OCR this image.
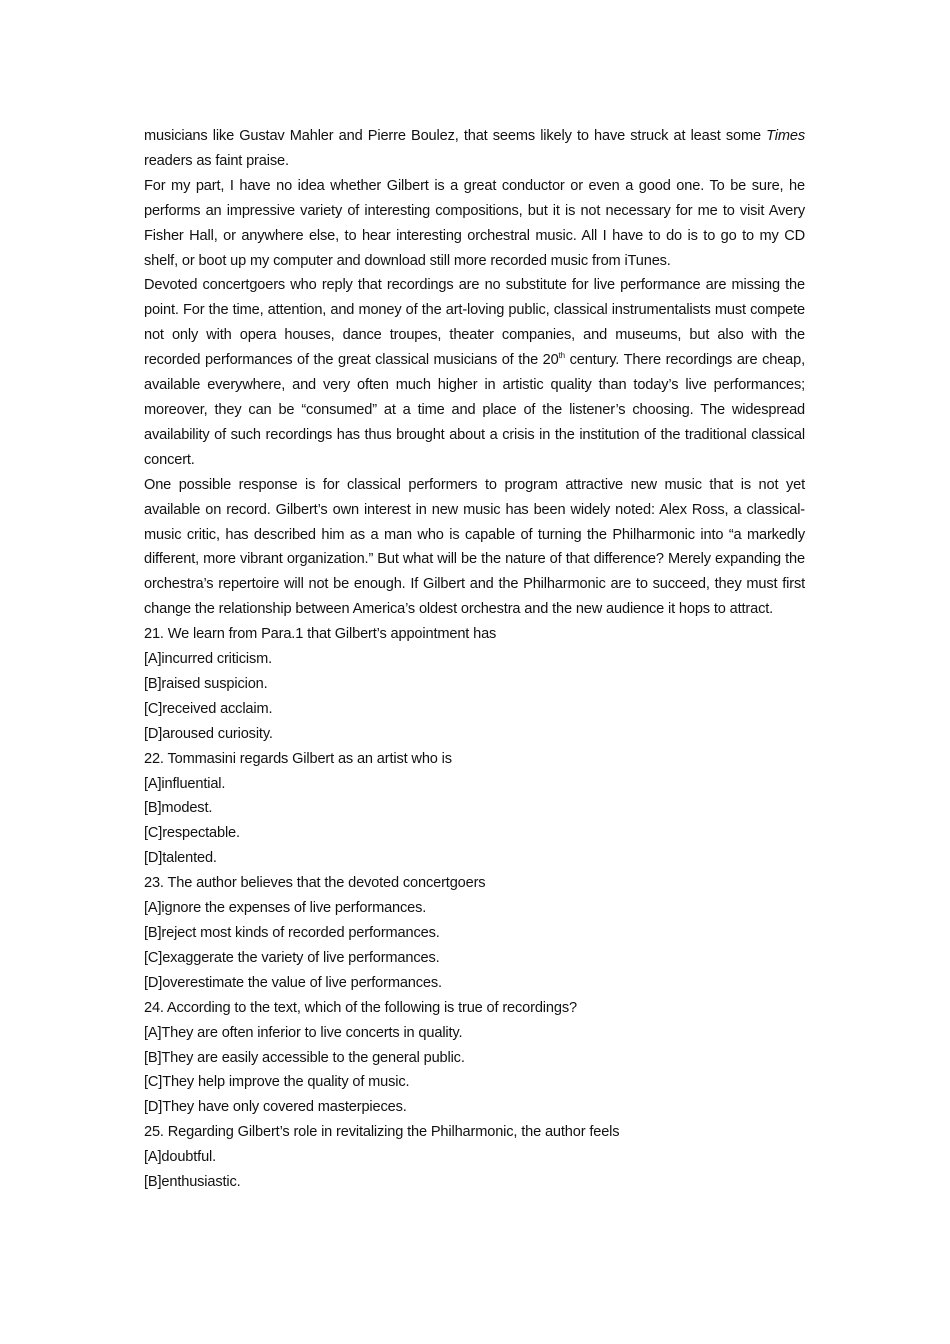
musicians like Gustav Mahler and Pierre Boulez, that seems likely to have struck at least some Times readers as faint praise.

For my part, I have no idea whether Gilbert is a great conductor or even a good one. To be sure, he performs an impressive variety of interesting compositions, but it is not necessary for me to visit Avery Fisher Hall, or anywhere else, to hear interesting orchestral music. All I have to do is to go to my CD shelf, or boot up my computer and download still more recorded music from iTunes.

Devoted concertgoers who reply that recordings are no substitute for live performance are missing the point. For the time, attention, and money of the art-loving public, classical instrumentalists must compete not only with opera houses, dance troupes, theater companies, and museums, but also with the recorded performances of the great classical musicians of the 20th century. There recordings are cheap, available everywhere, and very often much higher in artistic quality than today’s live performances; moreover, they can be “consumed” at a time and place of the listener’s choosing. The widespread availability of such recordings has thus brought about a crisis in the institution of the traditional classical concert.

One possible response is for classical performers to program attractive new music that is not yet available on record. Gilbert’s own interest in new music has been widely noted: Alex Ross, a classical-music critic, has described him as a man who is capable of turning the Philharmonic into “a markedly different, more vibrant organization.” But what will be the nature of that difference? Merely expanding the orchestra’s repertoire will not be enough. If Gilbert and the Philharmonic are to succeed, they must first change the relationship between America’s oldest orchestra and the new audience it hops to attract.

21. We learn from Para.1 that Gilbert’s appointment has

[A]incurred criticism.

[B]raised suspicion.

[C]received acclaim.

[D]aroused curiosity.

22. Tommasini regards Gilbert as an artist who is

[A]influential.

[B]modest.

[C]respectable.

[D]talented.

23. The author believes that the devoted concertgoers

[A]ignore the expenses of live performances.

[B]reject most kinds of recorded performances.

[C]exaggerate the variety of live performances.

[D]overestimate the value of live performances.

24. According to the text, which of the following is true of recordings?

[A]They are often inferior to live concerts in quality.

[B]They are easily accessible to the general public.

[C]They help improve the quality of music.

[D]They have only covered masterpieces.

25. Regarding Gilbert’s role in revitalizing the Philharmonic, the author feels

[A]doubtful.

[B]enthusiastic.
